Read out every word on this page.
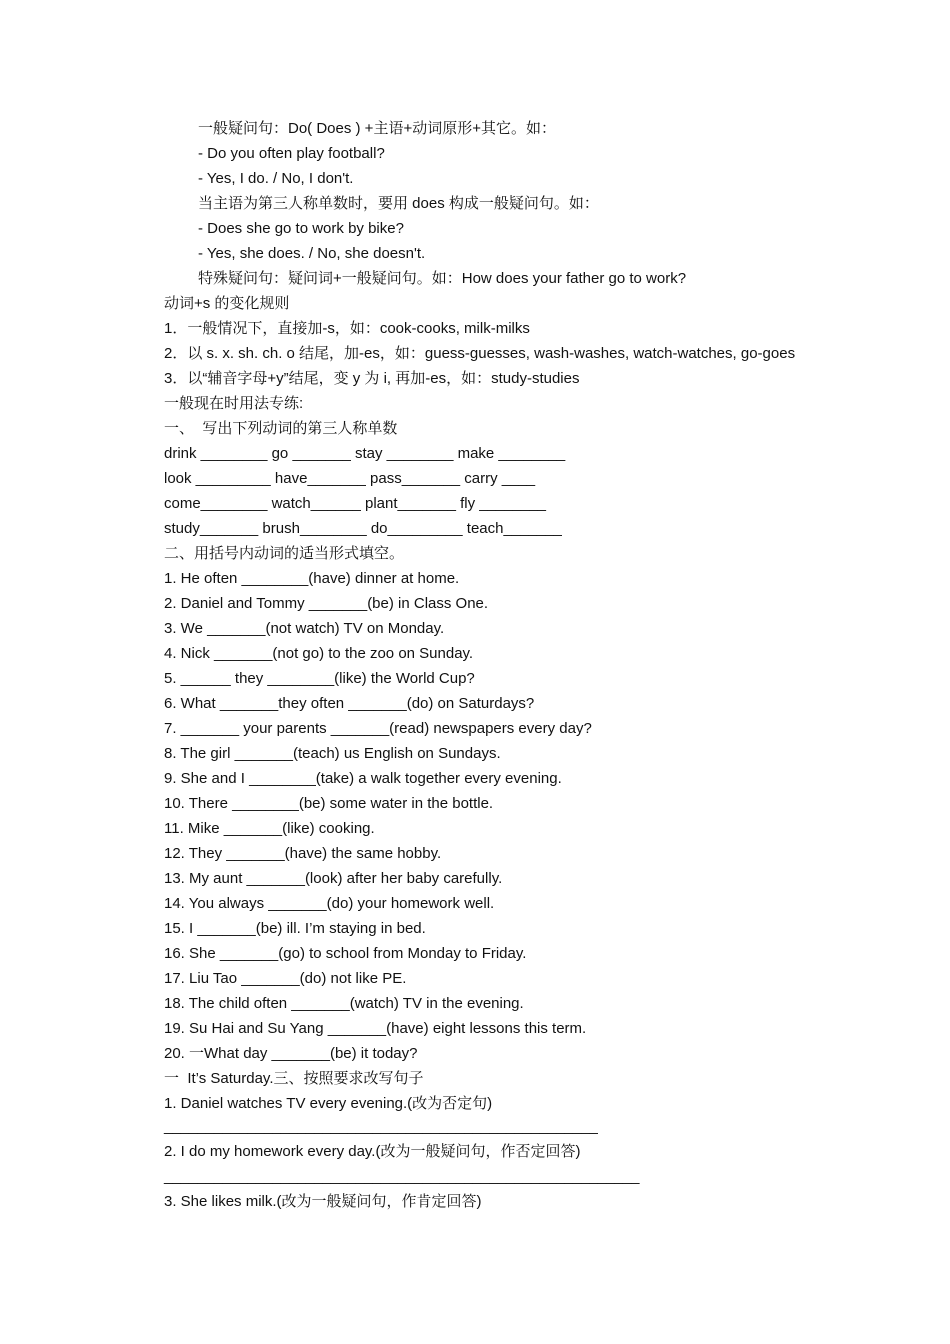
一般疑问句：Do( Does ) +主语+动词原形+其它。如：
- Do you often play football?
- Yes, I do. / No, I don't.
当主语为第三人称单数时，要用 does 构成一般疑问句。如：
- Does she go to work by bike?
- Yes, she does. / No, she doesn't.
特殊疑问句：疑问词+一般疑问句。如：How does your father go to work?
动词+s 的变化规则
1．一般情况下，直接加-s，如：cook-cooks, milk-milks
2．以 s. x. sh. ch. o 结尾，加-es，如：guess-guesses, wash-washes, watch-watches, go-goes
3．以“辅音字母+y”结尾，变 y 为 i, 再加-es，如：study-studies
一般现在时用法专练:
一、  写出下列动词的第三人称单数
drink ________ go _______ stay ________ make ________
look _________ have_______ pass_______ carry ____
come________ watch______ plant_______ fly ________
study_______ brush________ do_________ teach_______
二、用括号内动词的适当形式填空。
1. He often ________(have) dinner at home.
2. Daniel and Tommy _______(be) in Class One.
3. We _______(not watch) TV on Monday.
4. Nick _______(not go) to the zoo on Sunday.
5. ______ they ________(like) the World Cup?
6. What _______they often _______(do) on Saturdays?
7. _______ your parents _______(read) newspapers every day?
8. The girl _______(teach) us English on Sundays.
9. She and I ________(take) a walk together every evening.
10. There ________(be) some water in the bottle.
11. Mike _______(like) cooking.
12. They _______(have) the same hobby.
13. My aunt _______(look) after her baby carefully.
14. You always _______(do) your homework well.
15. I _______(be) ill. I’m staying in bed.
16. She _______(go) to school from Monday to Friday.
17. Liu Tao _______(do) not like PE.
18. The child often _______(watch) TV in the evening.
19. Su Hai and Su Yang _______(have) eight lessons this term.
20. 一What day _______(be) it today?
一  It’s Saturday.三、按照要求改写句子
1. Daniel watches TV every evening.(改为否定句)
____________________________________________________
2. I do my homework every day.(改为一般疑问句，作否定回答)
_________________________________________________________
3. She likes milk.(改为一般疑问句，作肯定回答)
